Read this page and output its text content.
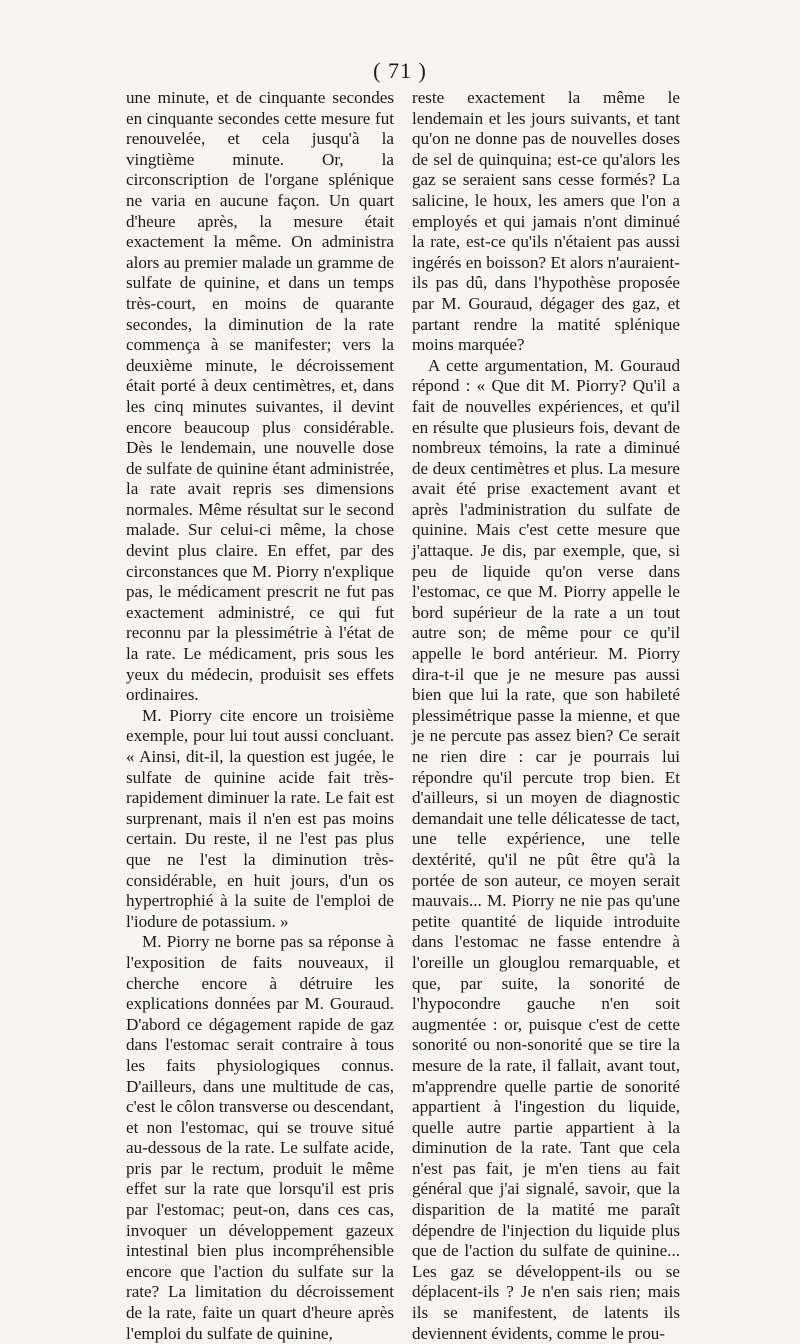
( 71 )

une minute, et de cinquante secondes en cinquante secondes cette mesure fut renouvelée, et cela jusqu'à la vingtième minute. Or, la circonscription de l'organe splénique ne varia en aucune façon. Un quart d'heure après, la mesure était exactement la même. On administra alors au premier malade un gramme de sulfate de quinine, et dans un temps très-court, en moins de quarante secondes, la diminution de la rate commença à se manifester; vers la deuxième minute, le décroissement était porté à deux centimètres, et, dans les cinq minutes suivantes, il devint encore beaucoup plus considérable. Dès le lendemain, une nouvelle dose de sulfate de quinine étant administrée, la rate avait repris ses dimensions normales. Même résultat sur le second malade. Sur celui-ci même, la chose devint plus claire. En effet, par des circonstances que M. Piorry n'explique pas, le médicament prescrit ne fut pas exactement administré, ce qui fut reconnu par la plessimétrie à l'état de la rate. Le médicament, pris sous les yeux du médecin, produisit ses effets ordinaires.

M. Piorry cite encore un troisième exemple, pour lui tout aussi concluant. « Ainsi, dit-il, la question est jugée, le sulfate de quinine acide fait très-rapidement diminuer la rate. Le fait est surprenant, mais il n'en est pas moins certain. Du reste, il ne l'est pas plus que ne l'est la diminution très-considérable, en huit jours, d'un os hypertrophié à la suite de l'emploi de l'iodure de potassium. »

M. Piorry ne borne pas sa réponse à l'exposition de faits nouveaux, il cherche encore à détruire les explications données par M. Gouraud. D'abord ce dégagement rapide de gaz dans l'estomac serait contraire à tous les faits physiologiques connus. D'ailleurs, dans une multitude de cas, c'est le côlon transverse ou descendant, et non l'estomac, qui se trouve situé au-dessous de la rate. Le sulfate acide, pris par le rectum, produit le même effet sur la rate que lorsqu'il est pris par l'estomac; peut-on, dans ces cas, invoquer un développement gazeux intestinal bien plus incompréhensible encore que l'action du sulfate sur la rate? La limitation du décroissement de la rate, faite un quart d'heure après l'emploi du sulfate de quinine,

reste exactement la même le lendemain et les jours suivants, et tant qu'on ne donne pas de nouvelles doses de sel de quinquina; est-ce qu'alors les gaz se seraient sans cesse formés? La salicine, le houx, les amers que l'on a employés et qui jamais n'ont diminué la rate, est-ce qu'ils n'étaient pas aussi ingérés en boisson? Et alors n'auraient-ils pas dû, dans l'hypothèse proposée par M. Gouraud, dégager des gaz, et partant rendre la matité splénique moins marquée?

A cette argumentation, M. Gouraud répond : « Que dit M. Piorry? Qu'il a fait de nouvelles expériences, et qu'il en résulte que plusieurs fois, devant de nombreux témoins, la rate a diminué de deux centimètres et plus. La mesure avait été prise exactement avant et après l'administration du sulfate de quinine. Mais c'est cette mesure que j'attaque. Je dis, par exemple, que, si peu de liquide qu'on verse dans l'estomac, ce que M. Piorry appelle le bord supérieur de la rate a un tout autre son; de même pour ce qu'il appelle le bord antérieur. M. Piorry dira-t-il que je ne mesure pas aussi bien que lui la rate, que son habileté plessimétrique passe la mienne, et que je ne percute pas assez bien? Ce serait ne rien dire : car je pourrais lui répondre qu'il percute trop bien. Et d'ailleurs, si un moyen de diagnostic demandait une telle délicatesse de tact, une telle expérience, une telle dextérité, qu'il ne pût être qu'à la portée de son auteur, ce moyen serait mauvais... M. Piorry ne nie pas qu'une petite quantité de liquide introduite dans l'estomac ne fasse entendre à l'oreille un glouglou remarquable, et que, par suite, la sonorité de l'hypocondre gauche n'en soit augmentée : or, puisque c'est de cette sonorité ou non-sonorité que se tire la mesure de la rate, il fallait, avant tout, m'apprendre quelle partie de sonorité appartient à l'ingestion du liquide, quelle autre partie appartient à la diminution de la rate. Tant que cela n'est pas fait, je m'en tiens au fait général que j'ai signalé, savoir, que la disparition de la matité me paraît dépendre de l'injection du liquide plus que de l'action du sulfate de quinine... Les gaz se développent-ils ou se déplacent-ils ? Je n'en sais rien; mais ils se manifestent, de latents ils deviennent évidents, comme le prou-
